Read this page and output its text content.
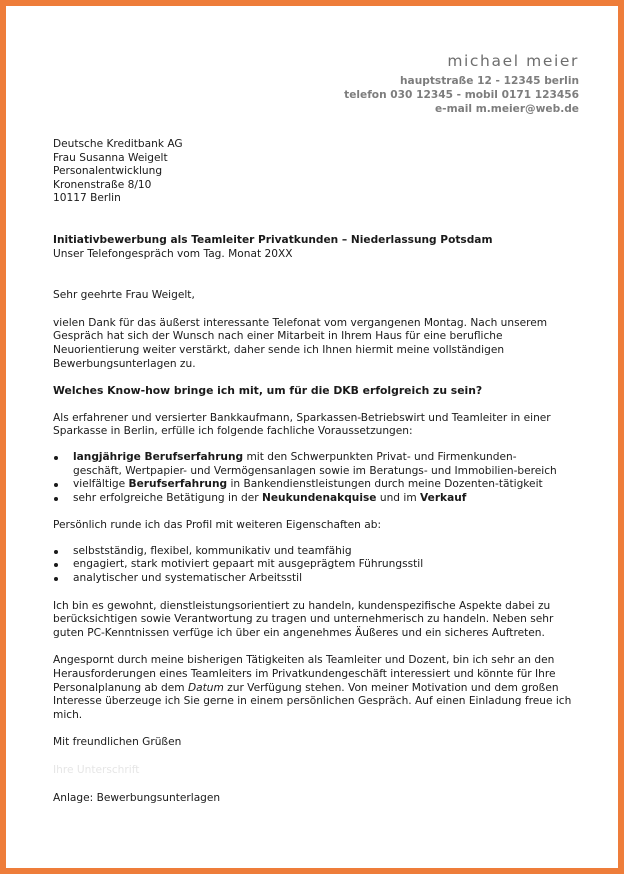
michael meier
hauptstraße 12 - 12345 berlin
telefon 030 12345 - mobil 0171 123456
e-mail m.meier@web.de
Deutsche Kreditbank AG
Frau Susanna Weigelt
Personalentwicklung
Kronenstraße 8/10
10117 Berlin
Initiativbewerbung als Teamleiter Privatkunden – Niederlassung Potsdam
Unser Telefongespräch vom Tag. Monat 20XX

Sehr geehrte Frau Weigelt,

vielen Dank für das äußerst interessante Telefonat vom vergangenen Montag. Nach unserem Gespräch hat sich der Wunsch nach einer Mitarbeit in Ihrem Haus für eine berufliche Neuorientierung weiter verstärkt, daher sende ich Ihnen hiermit meine vollständigen Bewerbungsunterlagen zu.

Welches Know-how bringe ich mit, um für die DKB erfolgreich zu sein?

Als erfahrener und versierter Bankkaufmann, Sparkassen-Betriebswirt und Teamleiter in einer Sparkasse in Berlin, erfülle ich folgende fachliche Voraussetzungen:

langjährige Berufserfahrung mit den Schwerpunkten Privat- und Firmenkunden-geschäft, Wertpapier- und Vermögensanlagen sowie im Beratungs- und Immobilien-bereich
vielfältige Berufserfahrung in Bankendienstleistungen durch meine Dozenten-tätigkeit
sehr erfolgreiche Betätigung in der Neukundenakquise und im Verkauf

Persönlich runde ich das Profil mit weiteren Eigenschaften ab:

selbstständig, flexibel, kommunikativ und teamfähig
engagiert, stark motiviert gepaart mit ausgeprägtem Führungsstil
analytischer und systematischer Arbeitsstil

Ich bin es gewohnt, dienstleistungsorientiert zu handeln, kundenspezifische Aspekte dabei zu berücksichtigen sowie Verantwortung zu tragen und unternehmerisch zu handeln. Neben sehr guten PC-Kenntnissen verfüge ich über ein angenehmes Äußeres und ein sicheres Auftreten.

Angespornt durch meine bisherigen Tätigkeiten als Teamleiter und Dozent, bin ich sehr an den Herausforderungen eines Teamleiters im Privatkundengeschäft interessiert und könnte für Ihre Personalplanung ab dem Datum zur Verfügung stehen. Von meiner Motivation und dem großen Interesse überzeuge ich Sie gerne in einem persönlichen Gespräch. Auf einen Einladung freue ich mich.

Mit freundlichen Grüßen

Ihre Unterschrift

Anlage: Bewerbungsunterlagen
